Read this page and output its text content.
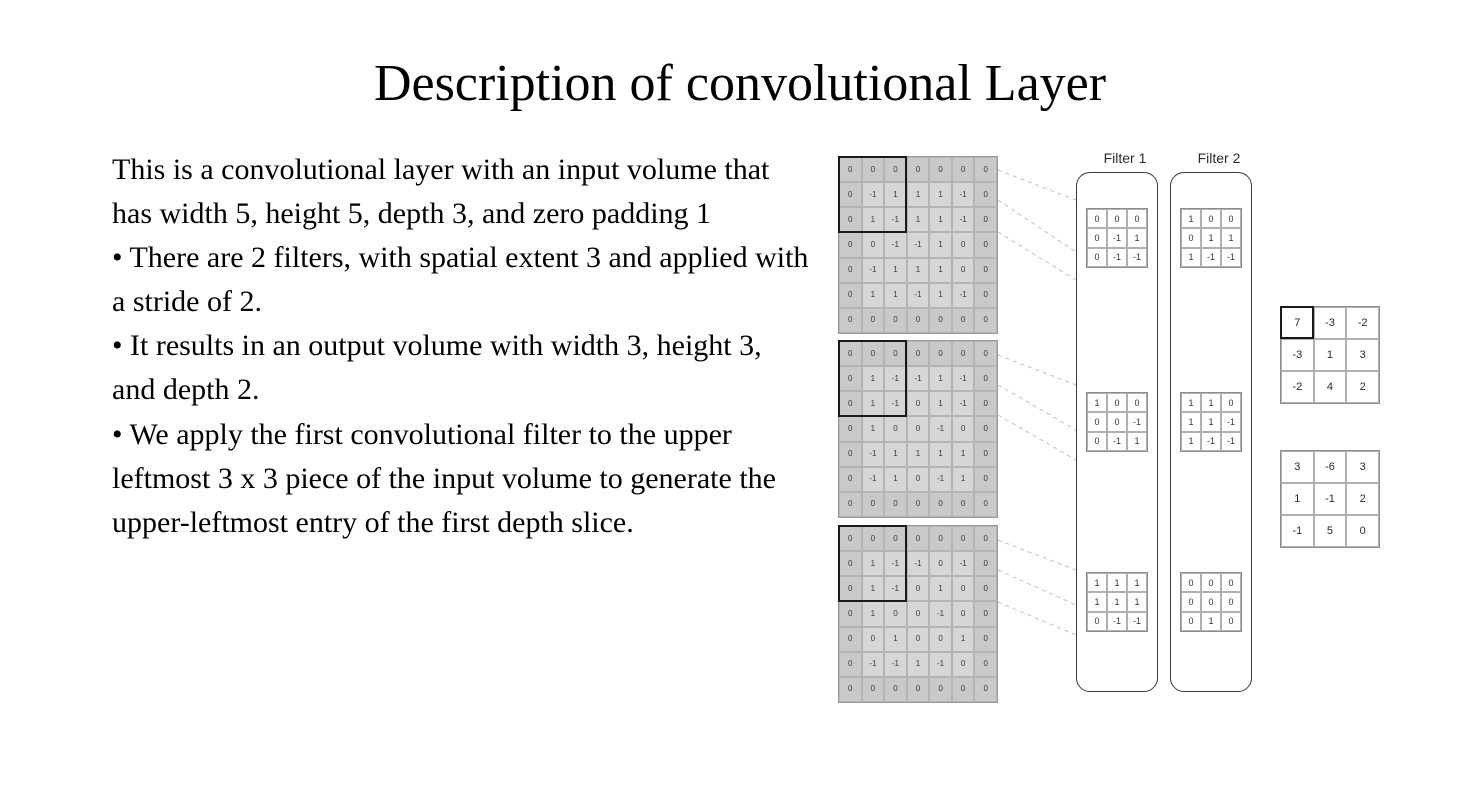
Description of convolutional Layer

This is a convolutional layer with an input volume that has width 5, height 5, depth 3, and zero padding 1

• There are 2 filters, with spatial extent 3 and applied with a stride of 2.

• It results in an output volume with width 3, height 3, and depth 2.

• We apply the first convolutional filter to the upper leftmost 3 x 3 piece of the input volume to generate the upper-leftmost entry of the first depth slice.

0	0	0	0	0	0	0
0	-1	1	1	1	-1	0
0	1	-1	1	1	-1	0
0	0	-1	-1	1	0	0
0	-1	1	1	1	0	0
0	1	1	-1	1	-1	0
0	0	0	0	0	0	0
0	0	0	0	0	0	0
0	1	-1	-1	1	-1	0
0	1	-1	0	1	-1	0
0	1	0	0	-1	0	0
0	-1	1	1	1	1	0
0	-1	1	0	-1	1	0
0	0	0	0	0	0	0
0	0	0	0	0	0	0
0	1	-1	-1	0	-1	0
0	1	-1	0	1	0	0
0	1	0	0	-1	0	0
0	0	1	0	0	1	0
0	-1	-1	1	-1	0	0
0	0	0	0	0	0	0
Filter 1	Filter 2
0	0	0
0	-1	1
0	-1	-1
1	0	0
0	0	-1
0	-1	1
1	1	1
1	1	1
0	-1	-1
1	0	0
0	1	1
1	-1	-1
1	1	0
1	1	-1
1	-1	-1
0	0	0
0	0	0
0	1	0
7	-3	-2
-3	1	3
-2	4	2
3	-6	3
1	-1	2
-1	5	0
